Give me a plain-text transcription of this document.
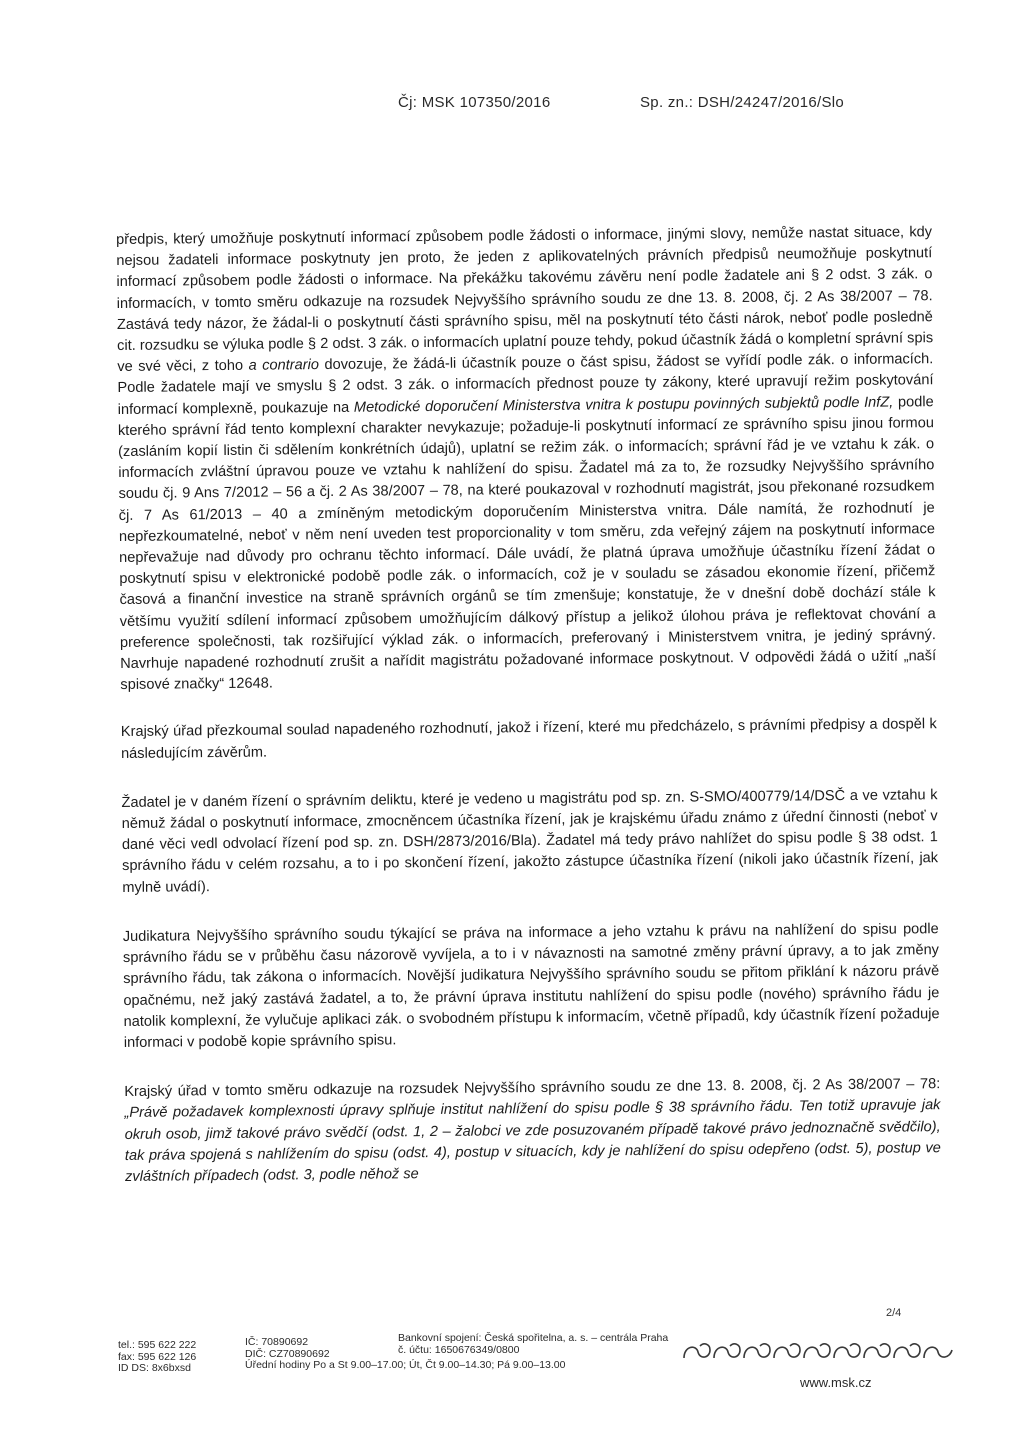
Čj: MSK 107350/2016	Sp. zn.: DSH/24247/2016/Slo

předpis, který umožňuje poskytnutí informací způsobem podle žádosti o informace, jinými slovy, nemůže nastat situace, kdy nejsou žadateli informace poskytnuty jen proto, že jeden z aplikovatelných právních předpisů neumožňuje poskytnutí informací způsobem podle žádosti o informace. Na překážku takovému závěru není podle žadatele ani § 2 odst. 3 zák. o informacích, v tomto směru odkazuje na rozsudek Nejvyššího správního soudu ze dne 13. 8. 2008, čj. 2 As 38/2007 – 78. Zastává tedy názor, že žádal-li o poskytnutí části správního spisu, měl na poskytnutí této části nárok, neboť podle posledně cit. rozsudku se výluka podle § 2 odst. 3 zák. o informacích uplatní pouze tehdy, pokud účastník žádá o kompletní správní spis ve své věci, z toho a contrario dovozuje, že žádá-li účastník pouze o část spisu, žádost se vyřídí podle zák. o informacích. Podle žadatele mají ve smyslu § 2 odst. 3 zák. o informacích přednost pouze ty zákony, které upravují režim poskytování informací komplexně, poukazuje na Metodické doporučení Ministerstva vnitra k postupu povinných subjektů podle InfZ, podle kterého správní řád tento komplexní charakter nevykazuje; požaduje-li poskytnutí informací ze správního spisu jinou formou (zasláním kopií listin či sdělením konkrétních údajů), uplatní se režim zák. o informacích; správní řád je ve vztahu k zák. o informacích zvláštní úpravou pouze ve vztahu k nahlížení do spisu. Žadatel má za to, že rozsudky Nejvyššího správního soudu čj. 9 Ans 7/2012 – 56 a čj. 2 As 38/2007 – 78, na které poukazoval v rozhodnutí magistrát, jsou překonané rozsudkem čj. 7 As 61/2013 – 40 a zmíněným metodickým doporučením Ministerstva vnitra. Dále namítá, že rozhodnutí je nepřezkoumatelné, neboť v něm není uveden test proporcionality v tom směru, zda veřejný zájem na poskytnutí informace nepřevažuje nad důvody pro ochranu těchto informací. Dále uvádí, že platná úprava umožňuje účastníku řízení žádat o poskytnutí spisu v elektronické podobě podle zák. o informacích, což je v souladu se zásadou ekonomie řízení, přičemž časová a finanční investice na straně správních orgánů se tím zmenšuje; konstatuje, že v dnešní době dochází stále k většímu využití sdílení informací způsobem umožňujícím dálkový přístup a jelikož úlohou práva je reflektovat chování a preference společnosti, tak rozšiřující výklad zák. o informacích, preferovaný i Ministerstvem vnitra, je jediný správný. Navrhuje napadené rozhodnutí zrušit a nařídit magistrátu požadované informace poskytnout. V odpovědi žádá o užití „naší spisové značky“ 12648.

Krajský úřad přezkoumal soulad napadeného rozhodnutí, jakož i řízení, které mu předcházelo, s právními předpisy a dospěl k následujícím závěrům.

Žadatel je v daném řízení o správním deliktu, které je vedeno u magistrátu pod sp. zn. S-SMO/400779/14/DSČ a ve vztahu k němuž žádal o poskytnutí informace, zmocněncem účastníka řízení, jak je krajskému úřadu známo z úřední činnosti (neboť v dané věci vedl odvolací řízení pod sp. zn. DSH/2873/2016/Bla). Žadatel má tedy právo nahlížet do spisu podle § 38 odst. 1 správního řádu v celém rozsahu, a to i po skončení řízení, jakožto zástupce účastníka řízení (nikoli jako účastník řízení, jak mylně uvádí).

Judikatura Nejvyššího správního soudu týkající se práva na informace a jeho vztahu k právu na nahlížení do spisu podle správního řádu se v průběhu času názorově vyvíjela, a to i v návaznosti na samotné změny právní úpravy, a to jak změny správního řádu, tak zákona o informacích. Novější judikatura Nejvyššího správního soudu se přitom přiklání k názoru právě opačnému, než jaký zastává žadatel, a to, že právní úprava institutu nahlížení do spisu podle (nového) správního řádu je natolik komplexní, že vylučuje aplikaci zák. o svobodném přístupu k informacím, včetně případů, kdy účastník řízení požaduje informaci v podobě kopie správního spisu.

Krajský úřad v tomto směru odkazuje na rozsudek Nejvyššího správního soudu ze dne 13. 8. 2008, čj. 2 As 38/2007 – 78: „Právě požadavek komplexnosti úpravy splňuje institut nahlížení do spisu podle § 38 správního řádu. Ten totiž upravuje jak okruh osob, jimž takové právo svědčí (odst. 1, 2 – žalobci ve zde posuzovaném případě takové právo jednoznačně svědčilo), tak práva spojená s nahlížením do spisu (odst. 4), postup v situacích, kdy je nahlížení do spisu odepřeno (odst. 5), postup ve zvláštních případech (odst. 3, podle něhož se

2/4
tel.: 595 622 222
fax: 595 622 126
ID DS: 8x6bxsd
IČ: 70890692
DIČ: CZ70890692
Úřední hodiny Po a St 9.00–17.00; Út, Čt 9.00–14.30; Pá 9.00–13.00
Bankovní spojení: Česká spořitelna, a. s. – centrála Praha
č. účtu: 1650676349/0800
www.msk.cz
